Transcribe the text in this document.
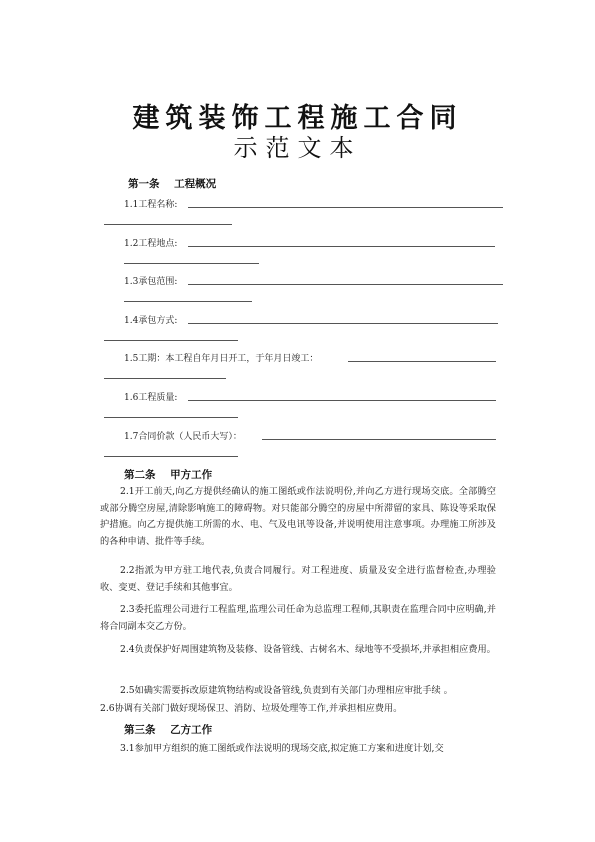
建筑装饰工程施工合同
示范文本
第一条    工程概况
1.1工程名称:
1.2工程地点:
1.3承包范围:
1.4承包方式:
1.5工期：本工程自年月日开工，于年月日竣工：
1.6工程质量:
1.7合同价款（人民币大写）：
第二条    甲方工作
2.1开工前天,向乙方提供经确认的施工图纸或作法说明份,并向乙方进行现场交底。全部腾空或部分腾空房屋,清除影响施工的障碍物。对只能部分腾空的房屋中所滞留的家具、陈设等采取保护措施。向乙方提供施工所需的水、电、气及电讯等设备,并说明使用注意事项。办理施工所涉及的各种申请、批件等手续。
2.2指派为甲方驻工地代表,负责合同履行。对工程进度、质量及安全进行监督检查,办理验收、变更、登记手续和其他事宜。
2.3委托监理公司进行工程监理,监理公司任命为总监理工程师,其职责在监理合同中应明确,并将合同副本交乙方份。
2.4负责保护好周围建筑物及装修、设备管线、古树名木、绿地等不受损坏,并承担相应费用。
2.5如确实需要拆改原建筑物结构或设备管线,负责到有关部门办理相应审批手续 。
2.6协调有关部门做好现场保卫、消防、垃圾处理等工作,并承担相应费用。
第三条    乙方工作
3.1参加甲方组织的施工图纸或作法说明的现场交底,拟定施工方案和进度计划,交
